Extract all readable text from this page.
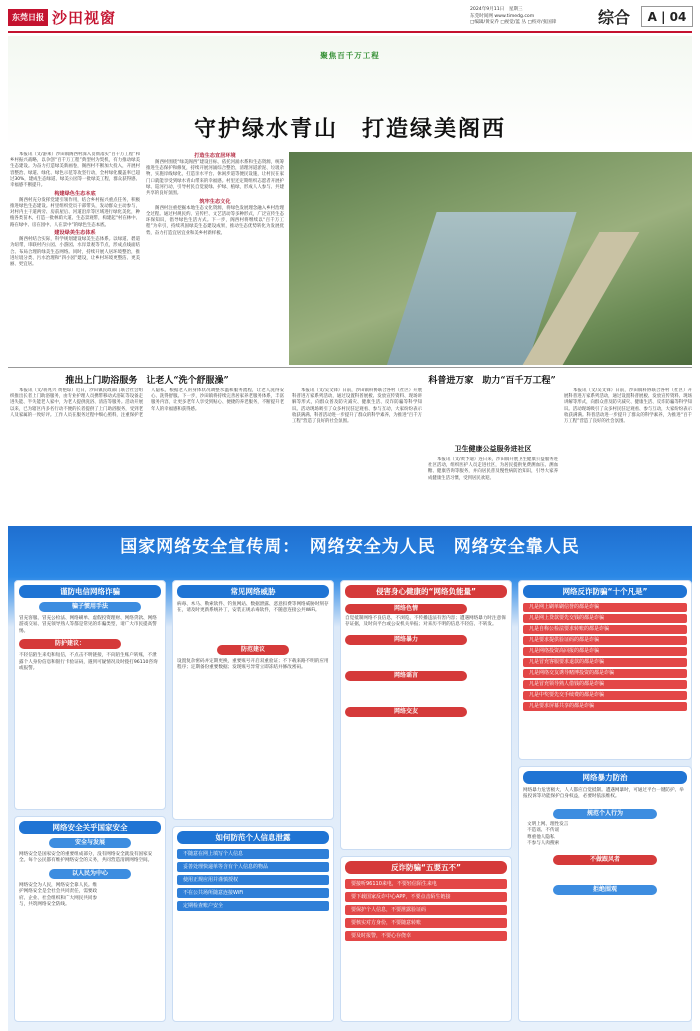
东莞日报 沙田视窗	2024年9月11日　星期三
东莞时间网 www.timedg.com
□编辑/黄安乔 □视觉/蓝 丛 □校对/张国锋	综合	A | 04
聚焦百千万工程
守护绿水青山　打造绿美阁西

本报讯（文/游莱）沙田镇阁西村深入贯彻落实“百千万工程”和乡村振兴战略，以争创“百千万工程”典型村为契机，有力推动绿美生态建设。为奋力打造绿美新画卷，阁西村不断加大投入，开展村容整治、绿道、绿化、绿色示范等攻坚行动，全村绿化覆盖率已超过30%，建成生态绿道、绿美公园等一批绿美工程，群众获得感、幸福感不断提升。

构建绿色生态本底

阁西村充分发挥党建引领作用，结合乡村振兴重点任务，积极推进绿色生态建设。村里组织党员干部带头，发动群众主动参与，对村内主干道两旁、房前屋后、河道沿岸等区域进行绿化美化，种植各类苗木，打造一批林荫大道、生态景观带，构建起“村在林中、路在绿中、房在园中、人在景中”的绿色生态本底。

建设绿美生态体系

阁西村结合实际，科学规划建设绿美生态体系。以绿道、碧道为纽带，串联村内公园、小游园、水岸景观等节点，形成点线面结合、布局合理的绿美生态网络。同时，持续开展人居环境整治，推进垃圾分类、污水治理和“四小园”建设，让乡村环境更整洁、更美丽、更宜居。

打造生态宜居环境

阁西村围绕“绿美阁西”建设目标，依托河涌水系和生态资源，统筹推进生态保护和修复，持续开展河涌综合整治，清理河道淤泥、垃圾杂物，实施岸线绿化，打造亲水平台、休闲步道等便民设施，让村民在家门口就能享受到绿水青山带来的幸福感。村里还定期组织志愿者开展护绿、巡河行动，引导村民自觉爱绿、护绿、植绿，形成人人参与、共建共享的良好氛围。

筑牢生态文化

阁西村注重挖掘本地生态文化资源，将绿色发展理念融入乡村治理全过程。通过村规民约、宣传栏、文艺活动等多种形式，广泛宣传生态环保知识，倡导绿色生活方式。下一步，阁西村将继续以“百千万工程”为牵引，持续巩固绿美生态建设成果，推动生态优势转化为发展优势，奋力打造宜居宜业和美乡村新样板。

推出上门助浴服务　让老人“洗个舒服澡”

本报讯（文/蒋兆兴 黄艳琼）近日，沙田镇民政部门联合社会组织推出长者上门助浴服务，由专业护理人员携带移动式浴缸等设备走进失能、半失能老人家中，为老人提供洗浴、清洁等服务。活动开展以来，已为辖区内多名行动不便的长者提供了上门助浴服务，受到老人及家属的一致好评。工作人员在服务过程中细心照料，注重保护老人隐私，根据老人的身体状况调整水温和服务流程，让老人洗得安心、洗得舒服。下一步，沙田镇将持续完善居家养老服务体系，丰富服务内容，让更多老年人享受到贴心、便捷的养老服务，不断提升老年人的幸福感和获得感。

科普进万家　助力“百千万工程”

本报讯（文/吴文锋）日前，沙田镇科协联合各村（社区）开展科普进万家系列活动，通过设置科普展板、发放宣传资料、现场讲解等形式，向群众普及防灾减灾、健康生活、反诈防骗等科学知识。活动现场吸引了众多村民驻足观看、参与互动，大家纷纷表示收获满满。科普活动进一步提升了群众的科学素养，为推进“百千万工程”营造了良好的社会氛围。

卫生健康公益服务进社区

本报讯（文/黄予迪）连日来，沙田镇开展卫生健康公益服务进社区活动，组织医护人员走进社区，为居民提供免费测血压、测血糖、健康咨询等服务，并向居民普及慢性病防治知识，引导大家养成健康生活习惯，受到居民欢迎。

本报讯（文/吴文锋）日前，沙田镇科协联合各村（社区）开展科普进万家系列活动，通过设置科普展板、发放宣传资料、现场讲解等形式，向群众普及防灾减灾、健康生活、反诈防骗等科学知识。活动现场吸引了众多村民驻足观看、参与互动，大家纷纷表示收获满满。科普活动进一步提升了群众的科学素养，为推进“百千万工程”营造了良好的社会氛围。

国家网络安全宣传周：　网络安全为人民　网络安全靠人民
谨防电信网络诈骗
骗子惯用手法
冒充客服、冒充公检法、网络刷单、虚假投资理财、网络贷款、网络游戏交易、冒充领导熟人等都是常见的诈骗类型，请广大市民提高警惕。
防护建议：
不轻信陌生来电和短信，不点击不明链接，不向陌生账户转账，不泄露个人身份信息和银行卡验证码，遇到可疑情况及时拨打96110咨询或报警。
网络安全关乎国家安全
安全与发展
网络安全是国家安全的重要组成部分，没有网络安全就没有国家安全。每个公民都有维护网络安全的义务，共同营造清朗网络空间。
以人民为中心
网络安全为人民，网络安全靠人民。维护网络安全是全社会共同责任，需要政府、企业、社会组织和广大网民共同参与，共筑网络安全防线。
常见网络威胁
病毒、木马、勒索软件、钓鱼网站、数据泄露、恶意扣费等网络威胁时刻存在，请及时更新系统补丁，安装正规杀毒软件，不随意连接公共WiFi。
防范建议
设置复杂密码并定期更换，重要账号开启双重验证；不下载来路不明的应用程序；定期备份重要数据；发现账号异常立即冻结并修改密码。
如何防范个人信息泄露
不随意在网上填写个人信息
妥善处理快递单等含有个人信息的物品
使用正规应用并谨慎授权
不在公共场所随意连接WiFi
定期检查账户安全
侵害身心健康的“网络负能量”
网络色情
自觉抵制网络不良信息，不浏览、不传播违法有害内容；遭遇网络暴力时注意保存证据，及时向平台或公安机关举报；对来历不明的信息不轻信、不转发。
网络暴力
网络谣言
网络交友
反诈防骗“五要五不”
要接听96110来电，不要轻信陌生来电
要下载国家反诈中心APP，不要点击陌生链接
要保护个人信息，不要泄露验证码
要核实对方身份，不要随意转账
要及时报警，不要心存侥幸
网络反诈防骗“十个凡是”
凡是网上刷单刷信誉的都是诈骗
凡是网上贷款要先交钱的都是诈骗
凡是自称公检法要求转账的都是诈骗
凡是要求提供验证码的都是诈骗
凡是网络投资高回报的都是诈骗
凡是冒充客服要求退款的都是诈骗
凡是网络交友诱导赌博投资的都是诈骗
凡是冒充领导熟人借钱的都是诈骗
凡是中奖要先交手续费的都是诈骗
凡是要求屏幕共享的都是诈骗
网络暴力防治
网络暴力危害极大，人人都应自觉抵制。遭遇网暴时，可通过平台一键防护、举报投诉等功能保护自身权益，必要时依法维权。
规范个人行为
文明上网、理性发言
不造谣、不传谣
尊重他人隐私
不参与人肉搜索
不做跟风者
拒绝围观
